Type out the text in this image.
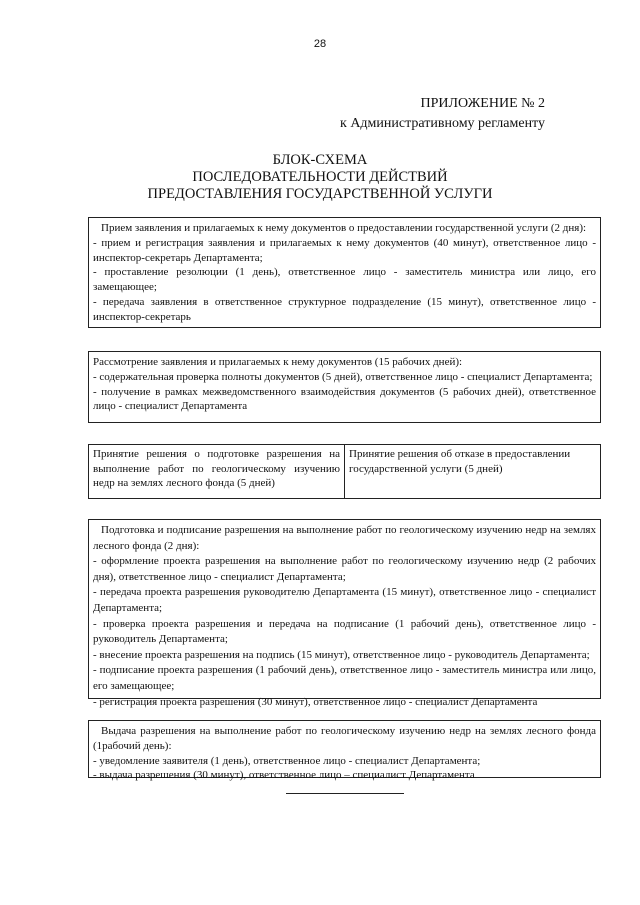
28
ПРИЛОЖЕНИЕ № 2
к Административному регламенту
БЛОК-СХЕМА
ПОСЛЕДОВАТЕЛЬНОСТИ ДЕЙСТВИЙ
ПРЕДОСТАВЛЕНИЯ ГОСУДАРСТВЕННОЙ УСЛУГИ

Прием заявления и прилагаемых к нему документов о предоставлении государственной услуги (2 дня):

- прием и регистрация заявления и прилагаемых к нему документов (40 минут), ответственное лицо - инспектор-секретарь Департамента;

- проставление резолюции (1 день), ответственное лицо - заместитель министра или лицо, его замещающее;

- передача заявления в ответственное структурное подразделение (15 минут), ответственное лицо - инспектор-секретарь

Рассмотрение заявления и прилагаемых к нему документов (15 рабочих дней):

- содержательная проверка полноты документов (5 дней), ответственное лицо - специалист Департамента;

- получение в рамках межведомственного взаимодействия документов (5 рабочих дней), ответственное лицо - специалист Департамента

Принятие решения о подготовке разрешения на выполнение работ по геологическому изучению недр на землях лесного фонда (5 дней)
Принятие решения об отказе в предоставлении государственной услуги (5 дней)

Подготовка и подписание разрешения на выполнение работ по геологическому изучению недр на землях лесного фонда (2 дня):

- оформление проекта разрешения на выполнение работ по геологическому изучению недр (2 рабочих дня), ответственное лицо - специалист Департамента;

- передача проекта разрешения руководителю Департамента (15 минут), ответственное лицо - специалист Департамента;

- проверка проекта разрешения и передача на подписание (1 рабочий день), ответственное лицо - руководитель Департамента;

- внесение проекта разрешения на подпись (15 минут), ответственное лицо - руководитель Департамента;

- подписание проекта разрешения (1 рабочий день), ответственное лицо - заместитель министра или лицо, его замещающее;

- регистрация проекта разрешения (30 минут), ответственное лицо - специалист Департамента

Выдача разрешения на выполнение работ по геологическому изучению недр на землях лесного фонда (1рабочий день):

- уведомление заявителя (1 день), ответственное лицо - специалист Департамента;

- выдача разрешения (30 минут), ответственное лицо – специалист Департамента
